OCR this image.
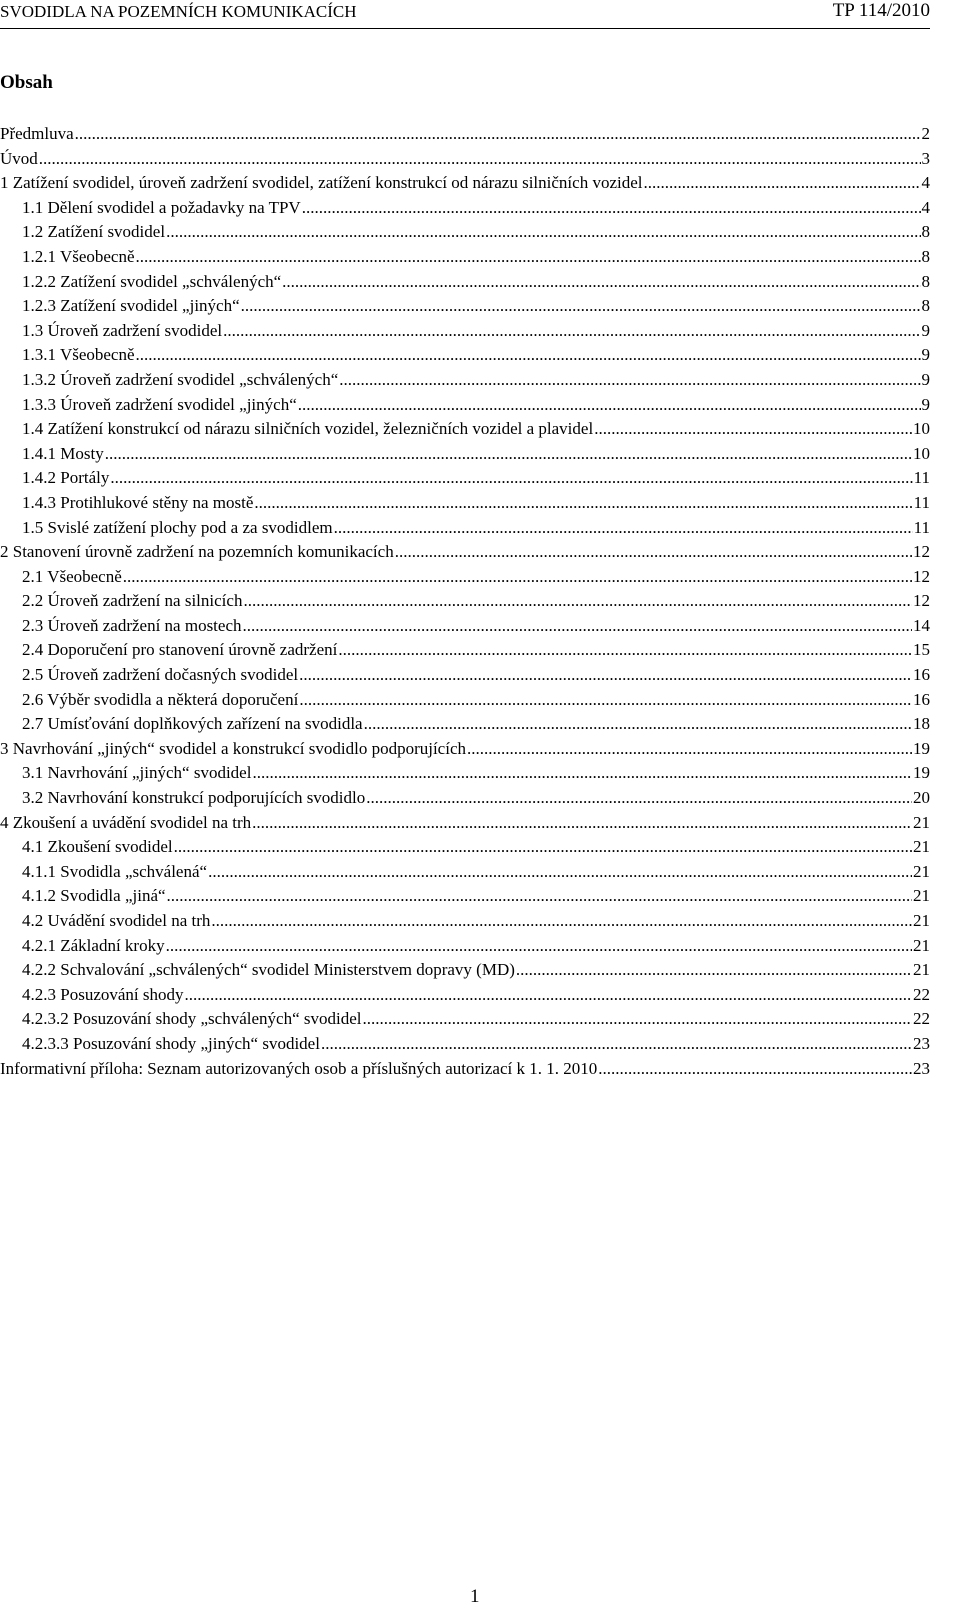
SVODIDLA NA POZEMNÍCH KOMUNIKACÍCH	TP 114/2010
Obsah
Předmluva .....	2
Úvod .....	3
1 Zatížení svodidel, úroveň zadržení svodidel, zatížení konstrukcí od nárazu silničních vozidel .....	4
1.1 Dělení svodidel a požadavky na TPV .....	4
1.2 Zatížení svodidel .....	8
1.2.1 Všeobecně .....	8
1.2.2 Zatížení svodidel „schválených“ .....	8
1.2.3 Zatížení svodidel „jiných“ .....	8
1.3 Úroveň zadržení svodidel .....	9
1.3.1 Všeobecně .....	9
1.3.2 Úroveň zadržení svodidel „schválených“ .....	9
1.3.3 Úroveň zadržení svodidel „jiných“ .....	9
1.4 Zatížení konstrukcí od nárazu silničních vozidel, železničních vozidel a plavidel .....	10
1.4.1 Mosty .....	10
1.4.2 Portály .....	11
1.4.3 Protihlukové stěny na mostě .....	11
1.5 Svislé zatížení plochy pod a za svodidlem .....	11
2 Stanovení úrovně zadržení na pozemních komunikacích .....	12
2.1 Všeobecně .....	12
2.2 Úroveň zadržení na silnicích .....	12
2.3 Úroveň zadržení na mostech .....	14
2.4 Doporučení pro stanovení úrovně zadržení .....	15
2.5 Úroveň zadržení dočasných svodidel .....	16
2.6 Výběr svodidla a některá doporučení .....	16
2.7 Umísťování doplňkových zařízení na svodidla .....	18
3 Navrhování „jiných“ svodidel a konstrukcí svodidlo podporujících .....	19
3.1 Navrhování „jiných“ svodidel .....	19
3.2 Navrhování konstrukcí podporujících svodidlo .....	20
4 Zkoušení a uvádění svodidel na trh .....	21
4.1 Zkoušení svodidel .....	21
4.1.1 Svodidla „schválená“ .....	21
4.1.2 Svodidla „jiná“ .....	21
4.2 Uvádění svodidel na trh .....	21
4.2.1 Základní kroky .....	21
4.2.2 Schvalování „schválených“ svodidel Ministerstvem dopravy (MD) .....	21
4.2.3 Posuzování shody .....	22
4.2.3.2 Posuzování shody „schválených“ svodidel .....	22
4.2.3.3 Posuzování shody „jiných“ svodidel .....	23
Informativní příloha: Seznam autorizovaných osob a příslušných autorizací k 1. 1. 2010 .....	23
1
